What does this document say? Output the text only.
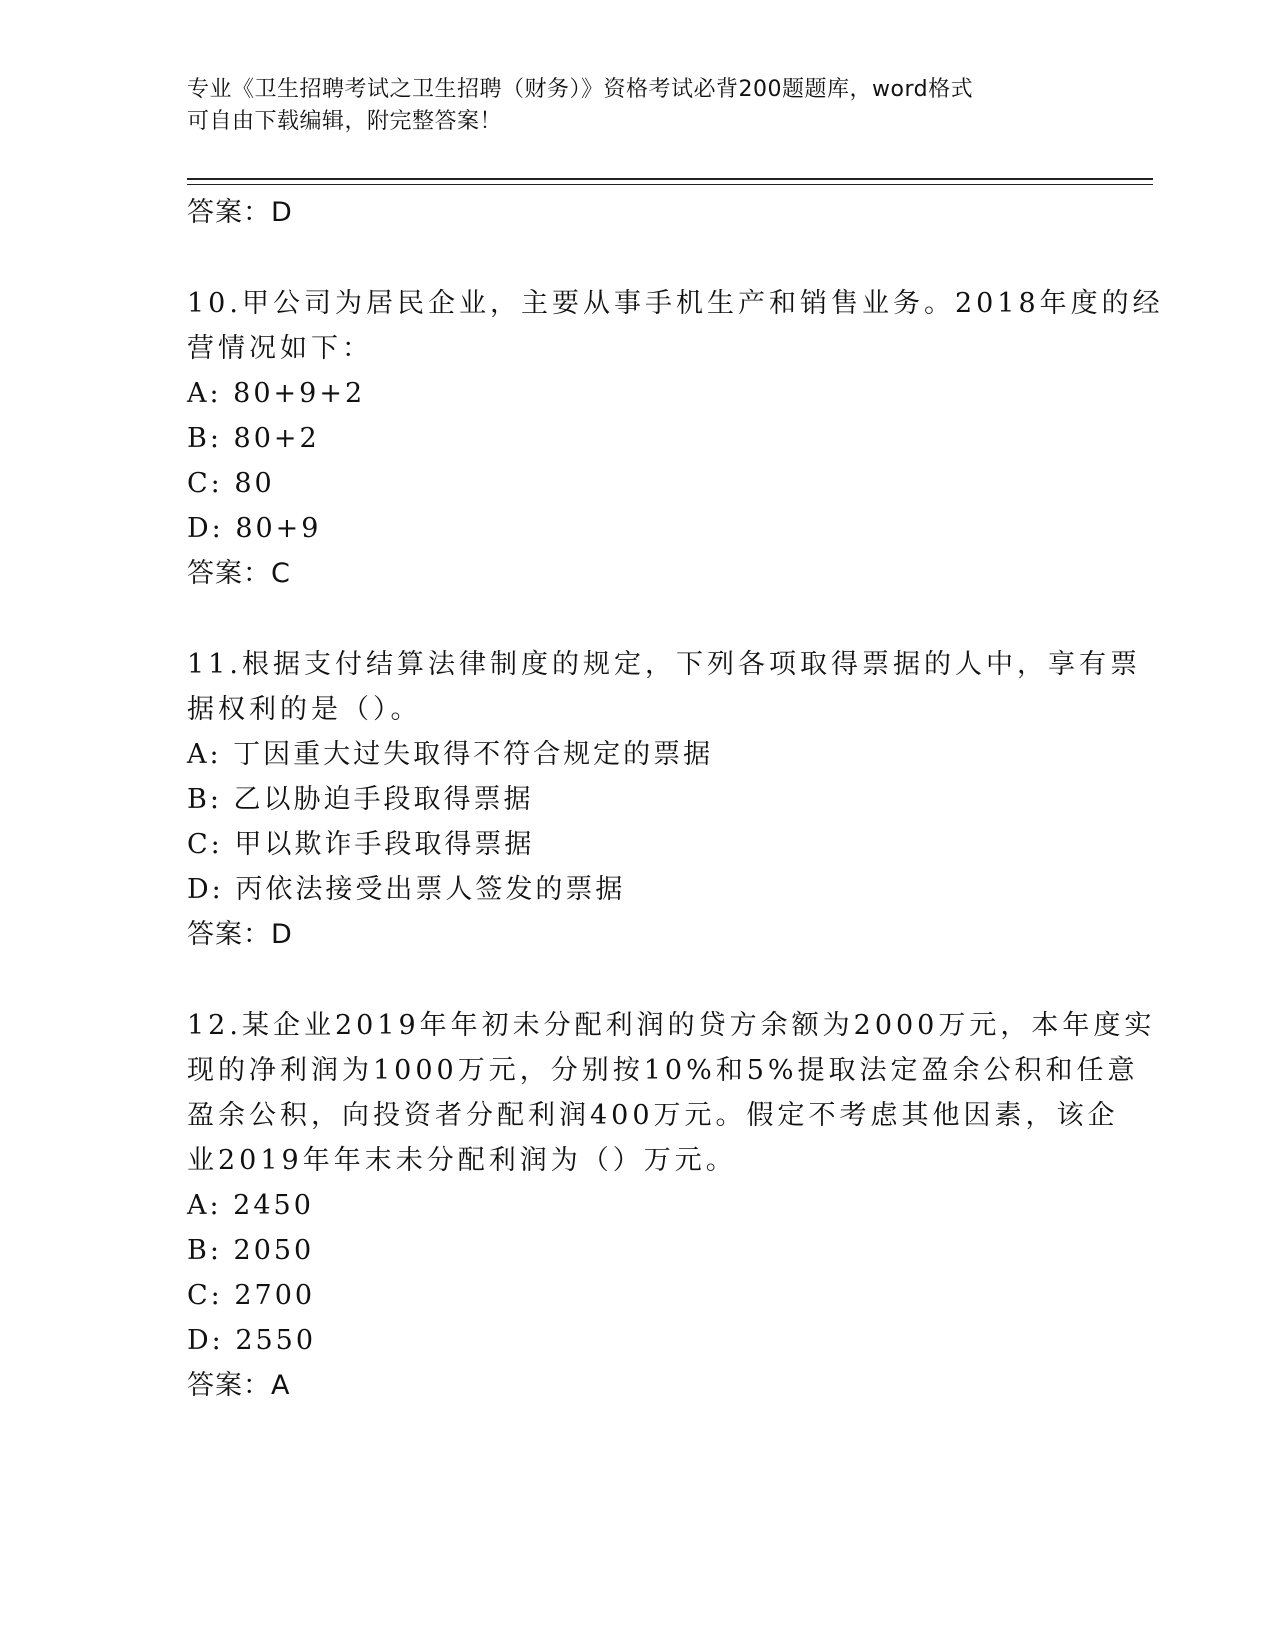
专业《卫生招聘考试之卫生招聘（财务）》资格考试必背200题题库，word格式
可自由下载编辑，附完整答案！
答案：D
10.甲公司为居民企业，主要从事手机生产和销售业务。2018年度的经
营情况如下：
A: 80+9+2
B: 80+2
C: 80
D: 80+9
答案：C
11.根据支付结算法律制度的规定，下列各项取得票据的人中，享有票
据权利的是（）。
A: 丁因重大过失取得不符合规定的票据
B: 乙以胁迫手段取得票据
C: 甲以欺诈手段取得票据
D: 丙依法接受出票人签发的票据
答案：D
12.某企业2019年年初未分配利润的贷方余额为2000万元，本年度实
现的净利润为1000万元，分别按10%和5%提取法定盈余公积和任意
盈余公积，向投资者分配利润400万元。假定不考虑其他因素，该企
业2019年年末未分配利润为（）万元。
A: 2450
B: 2050
C: 2700
D: 2550
答案：A
